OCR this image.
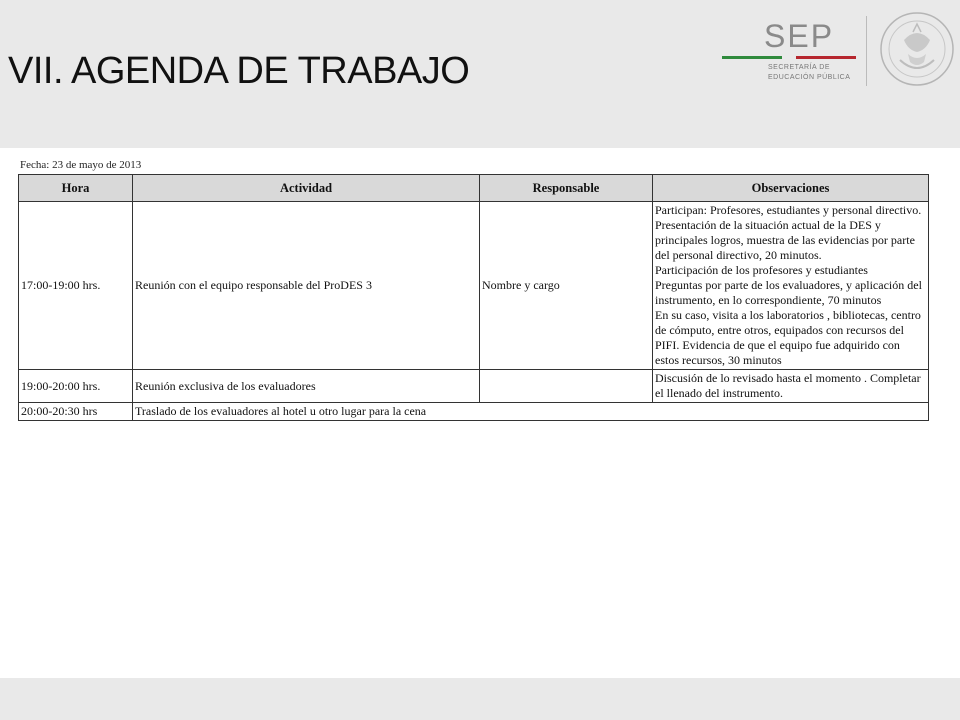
VII. AGENDA DE TRABAJO
SEP
SECRETARÍA DE
EDUCACIÓN PÚBLICA
Fecha: 23 de mayo de 2013
Hora	Actividad	Responsable	Observaciones
17:00-19:00 hrs.	Reunión con el equipo responsable del ProDES 3	Nombre y cargo	Participan: Profesores, estudiantes y personal directivo.

Presentación de la situación actual de la DES y principales logros, muestra de las evidencias por parte del personal directivo, 20 minutos.

Participación de los profesores y estudiantes

Preguntas por parte de los evaluadores, y aplicación del instrumento, en lo correspondiente, 70 minutos

En su caso, visita a los laboratorios , bibliotecas, centro de cómputo, entre otros, equipados con recursos del PIFI. Evidencia de que el equipo fue adquirido con estos recursos, 30 minutos

19:00-20:00 hrs.	Reunión exclusiva de los evaluadores		Discusión de lo revisado hasta el momento . Completar el llenado del instrumento.

20:00-20:30 hrs	Traslado de los evaluadores al hotel u otro lugar para la cena		
